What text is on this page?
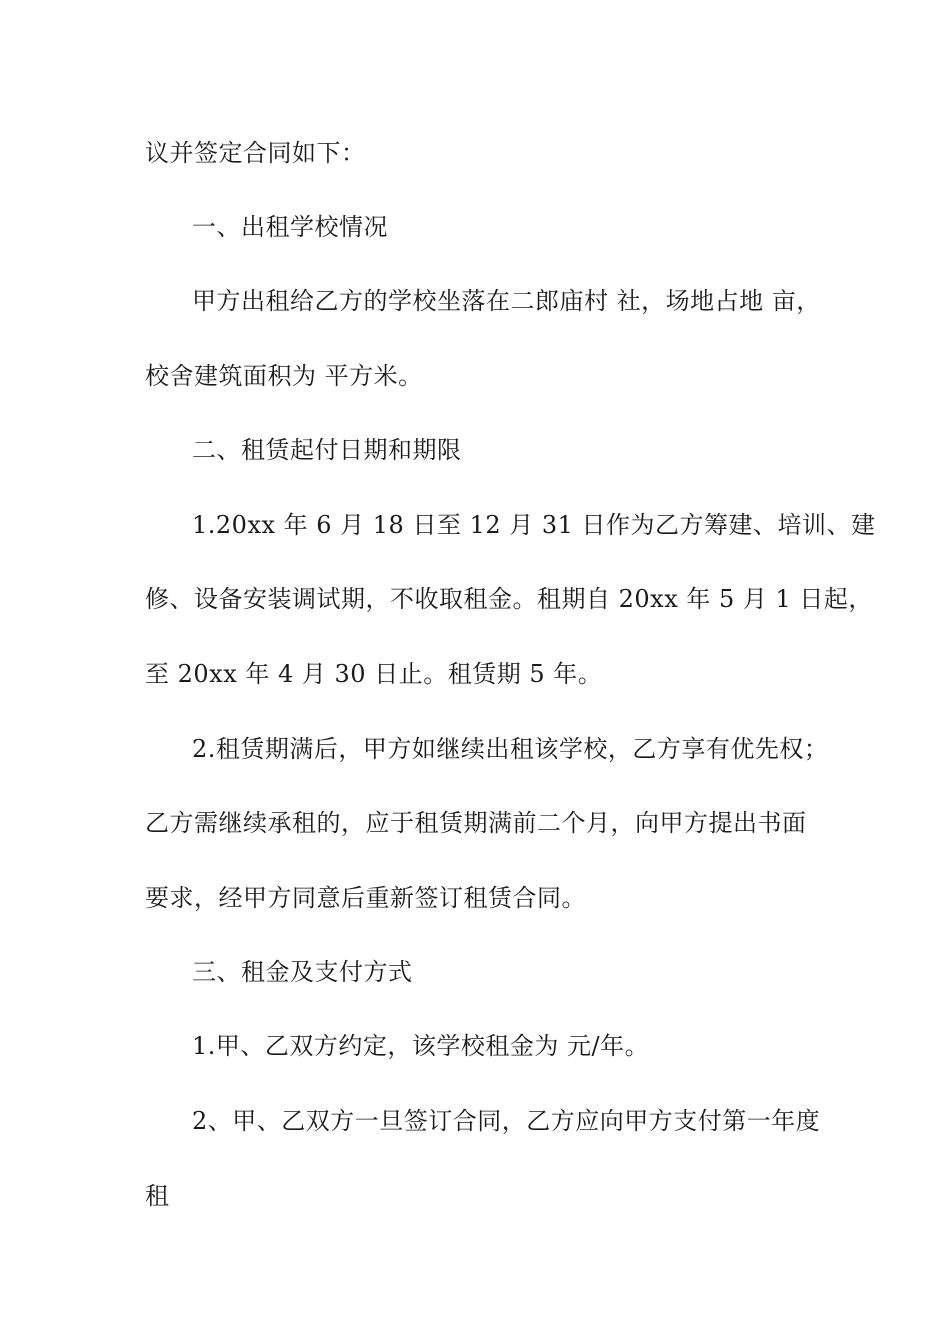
议并签定合同如下：
一、出租学校情况
甲方出租给乙方的学校坐落在二郎庙村 社，场地占地 亩，
校舍建筑面积为 平方米。
二、租赁起付日期和期限
1.20xx 年 6 月 18 日至 12 月 31 日作为乙方筹建、培训、建
修、设备安装调试期，不收取租金。租期自 20xx 年 5 月 1 日起，
至 20xx 年 4 月 30 日止。租赁期 5 年。
2.租赁期满后，甲方如继续出租该学校，乙方享有优先权；
乙方需继续承租的，应于租赁期满前二个月，向甲方提出书面
要求，经甲方同意后重新签订租赁合同。
三、租金及支付方式
1.甲、乙双方约定，该学校租金为 元/年。
2、甲、乙双方一旦签订合同，乙方应向甲方支付第一年度
租
